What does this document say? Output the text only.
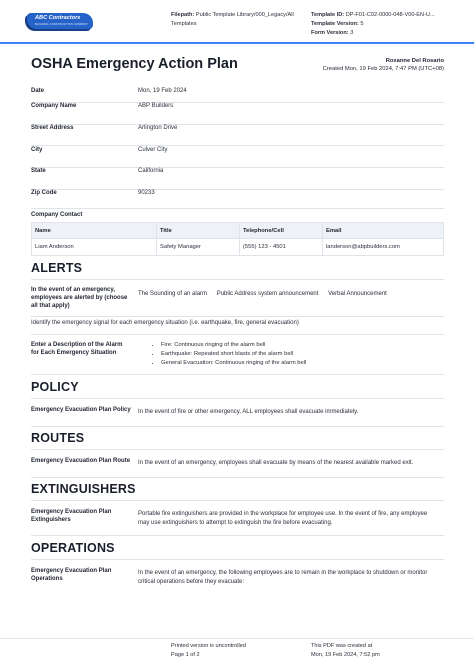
ABC Contractors
BUILDING CONSTRUCTION COMPANY
Filepath: Public Template Library/000_Legacy/All Templates
Template ID: DP-F01-C02-0000-048-V00-EN-U...
Template Version: 5
Form Version: 3
OSHA Emergency Action Plan	Roxanne Del Rosario
Created Mon, 19 Feb 2024, 7:47 PM (UTC+08)
Date	Mon, 19 Feb 2024
Company Name	ABP Builders
Street Address	Arlington Drive
City	Culver City
State	California
Zip Code	90233
Company Contact
Name	Title	Telephone/Cell	Email
Liam Anderson	Safety Manager	(555) 123 - 4501	landerson@abpbuilders.com
ALERTS
In the event of an emergency, employees are alerted by (choose all that apply)
The Sounding of an alarm Public Address system announcement Verbal Announcement
Identify the emergency signal for each emergency situation (i.e. earthquake, fire, general evacuation)
Enter a Description of the Alarm for Each Emergency Situation
• Fire: Continuous ringing of the alarm bell
• Earthquake: Repeated short blasts of the alarm bell
• General Evacuation: Continuous ringing of the alarm bell
POLICY
Emergency Evacuation Plan Policy In the event of fire or other emergency, ALL employees shall evacuate immediately.
ROUTES
Emergency Evacuation Plan Route In the event of an emergency, employees shall evacuate by means of the nearest available marked exit.
EXTINGUISHERS
Emergency Evacuation Plan Extinguishers
Portable fire extinguishers are provided in the workplace for employee use. In the event of fire, any employee may use extinguishers to attempt to extinguish the fire before evacuating.
OPERATIONS
Emergency Evacuation Plan Operations
In the event of an emergency, the following employees are to remain in the workplace to shutdown or monitor critical operations before they evacuate:
Printed version is uncontrolled
Page 1 of 2
This PDF was created at
Mon, 19 Feb 2024, 7:52 pm
